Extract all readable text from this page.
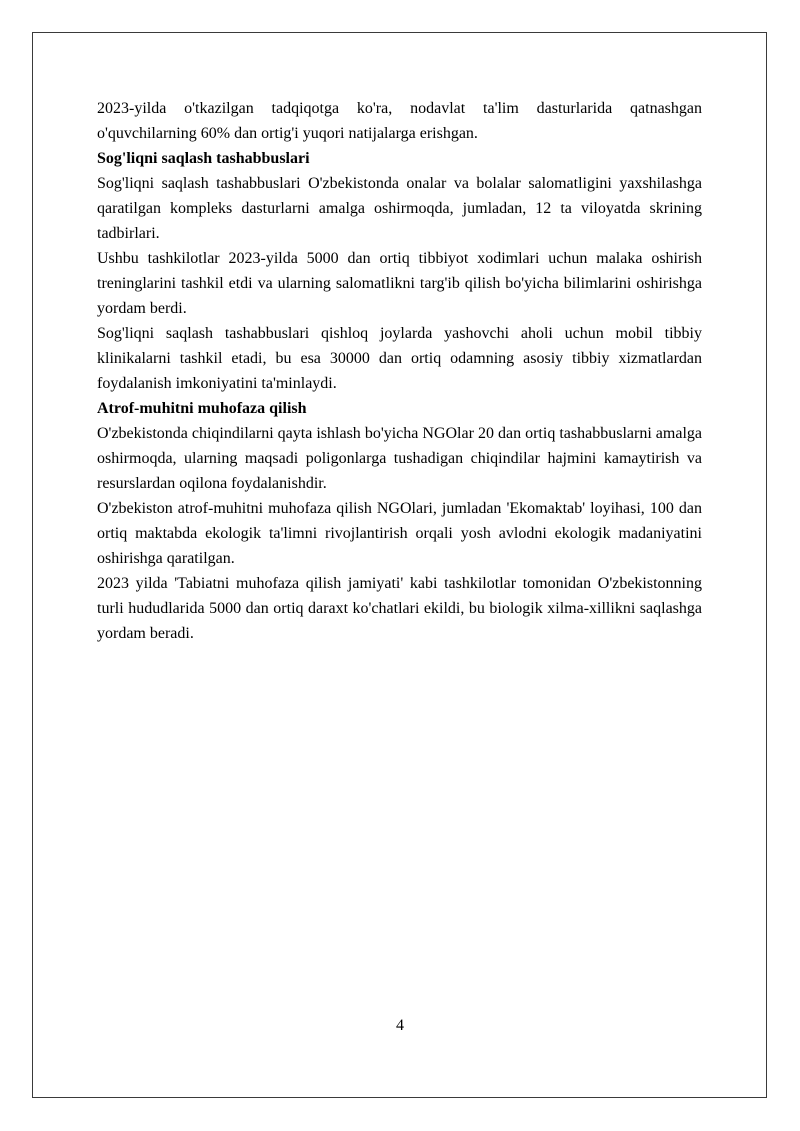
2023-yilda o'tkazilgan tadqiqotga ko'ra, nodavlat ta'lim dasturlarida qatnashgan o'quvchilarning 60% dan ortig'i yuqori natijalarga erishgan.

Sog'liqni saqlash tashabbuslari

Sog'liqni saqlash tashabbuslari O'zbekistonda onalar va bolalar salomatligini yaxshilashga qaratilgan kompleks dasturlarni amalga oshirmoqda, jumladan, 12 ta viloyatda skrining tadbirlari.

Ushbu tashkilotlar 2023-yilda 5000 dan ortiq tibbiyot xodimlari uchun malaka oshirish treninglarini tashkil etdi va ularning salomatlikni targ'ib qilish bo'yicha bilimlarini oshirishga yordam berdi.

Sog'liqni saqlash tashabbuslari qishloq joylarda yashovchi aholi uchun mobil tibbiy klinikalarni tashkil etadi, bu esa 30000 dan ortiq odamning asosiy tibbiy xizmatlardan foydalanish imkoniyatini ta'minlaydi.

Atrof-muhitni muhofaza qilish

O'zbekistonda chiqindilarni qayta ishlash bo'yicha NGOlar 20 dan ortiq tashabbuslarni amalga oshirmoqda, ularning maqsadi poligonlarga tushadigan chiqindilar hajmini kamaytirish va resurslardan oqilona foydalanishdir.

O'zbekiston atrof-muhitni muhofaza qilish NGOlari, jumladan 'Ekomaktab' loyihasi, 100 dan ortiq maktabda ekologik ta'limni rivojlantirish orqali yosh avlodni ekologik madaniyatini oshirishga qaratilgan.

2023 yilda 'Tabiatni muhofaza qilish jamiyati' kabi tashkilotlar tomonidan O'zbekistonning turli hududlarida 5000 dan ortiq daraxt ko'chatlari ekildi, bu biologik xilma-xillikni saqlashga yordam beradi.

4
